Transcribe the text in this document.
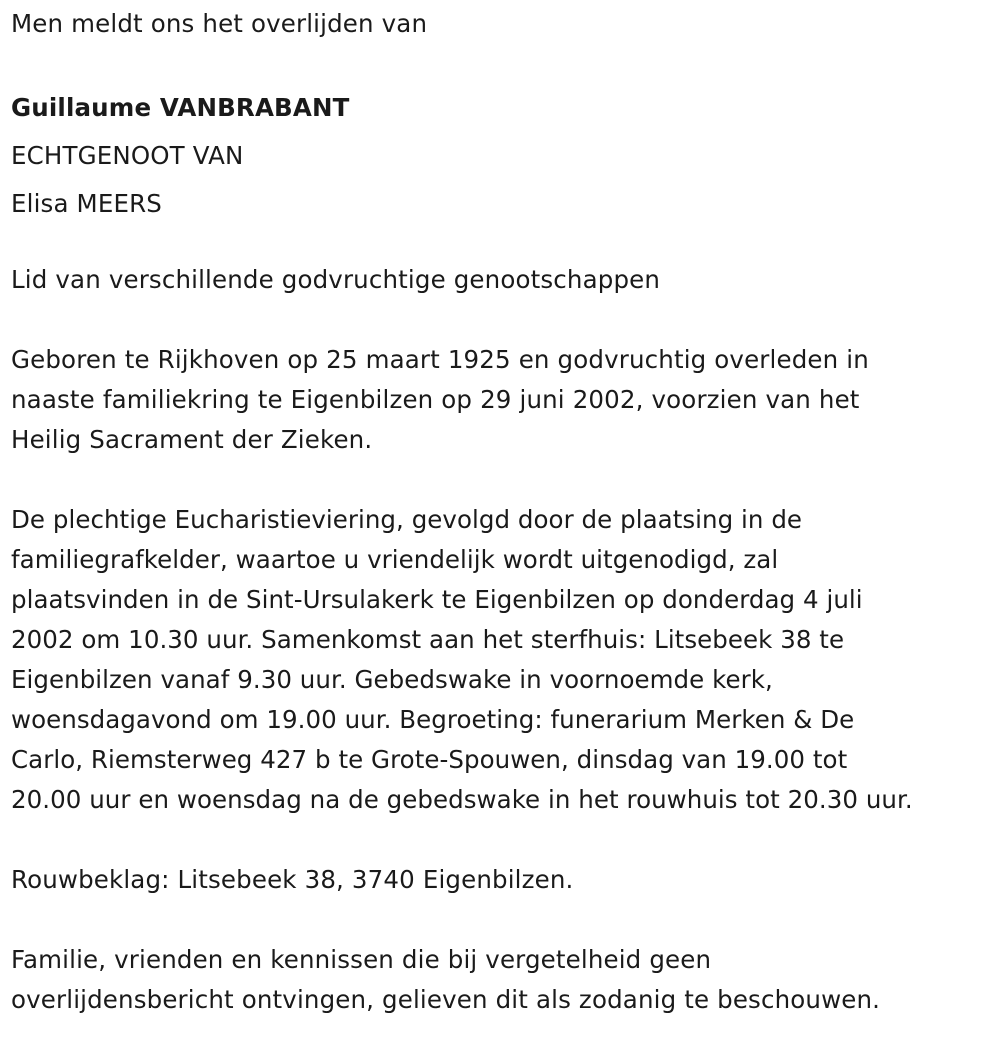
Men meldt ons het overlijden van

Guillaume VANBRABANT

ECHTGENOOT VAN

Elisa MEERS

Lid van verschillende godvruchtige genootschappen

Geboren te Rijkhoven op 25 maart 1925 en godvruchtig overleden in

naaste familiekring te Eigenbilzen op 29 juni 2002, voorzien van het

Heilig Sacrament der Zieken.

De plechtige Eucharistieviering, gevolgd door de plaatsing in de

familiegrafkelder, waartoe u vriendelijk wordt uitgenodigd, zal

plaatsvinden in de Sint-Ursulakerk te Eigenbilzen op donderdag 4 juli

2002 om 10.30 uur. Samenkomst aan het sterfhuis: Litsebeek 38 te

Eigenbilzen vanaf 9.30 uur. Gebedswake in voornoemde kerk,

woensdagavond om 19.00 uur. Begroeting: funerarium Merken & De

Carlo, Riemsterweg 427 b te Grote-Spouwen, dinsdag van 19.00 tot

20.00 uur en woensdag na de gebedswake in het rouwhuis tot 20.30 uur.

Rouwbeklag: Litsebeek 38, 3740 Eigenbilzen.

Familie, vrienden en kennissen die bij vergetelheid geen

overlijdensbericht ontvingen, gelieven dit als zodanig te beschouwen.
